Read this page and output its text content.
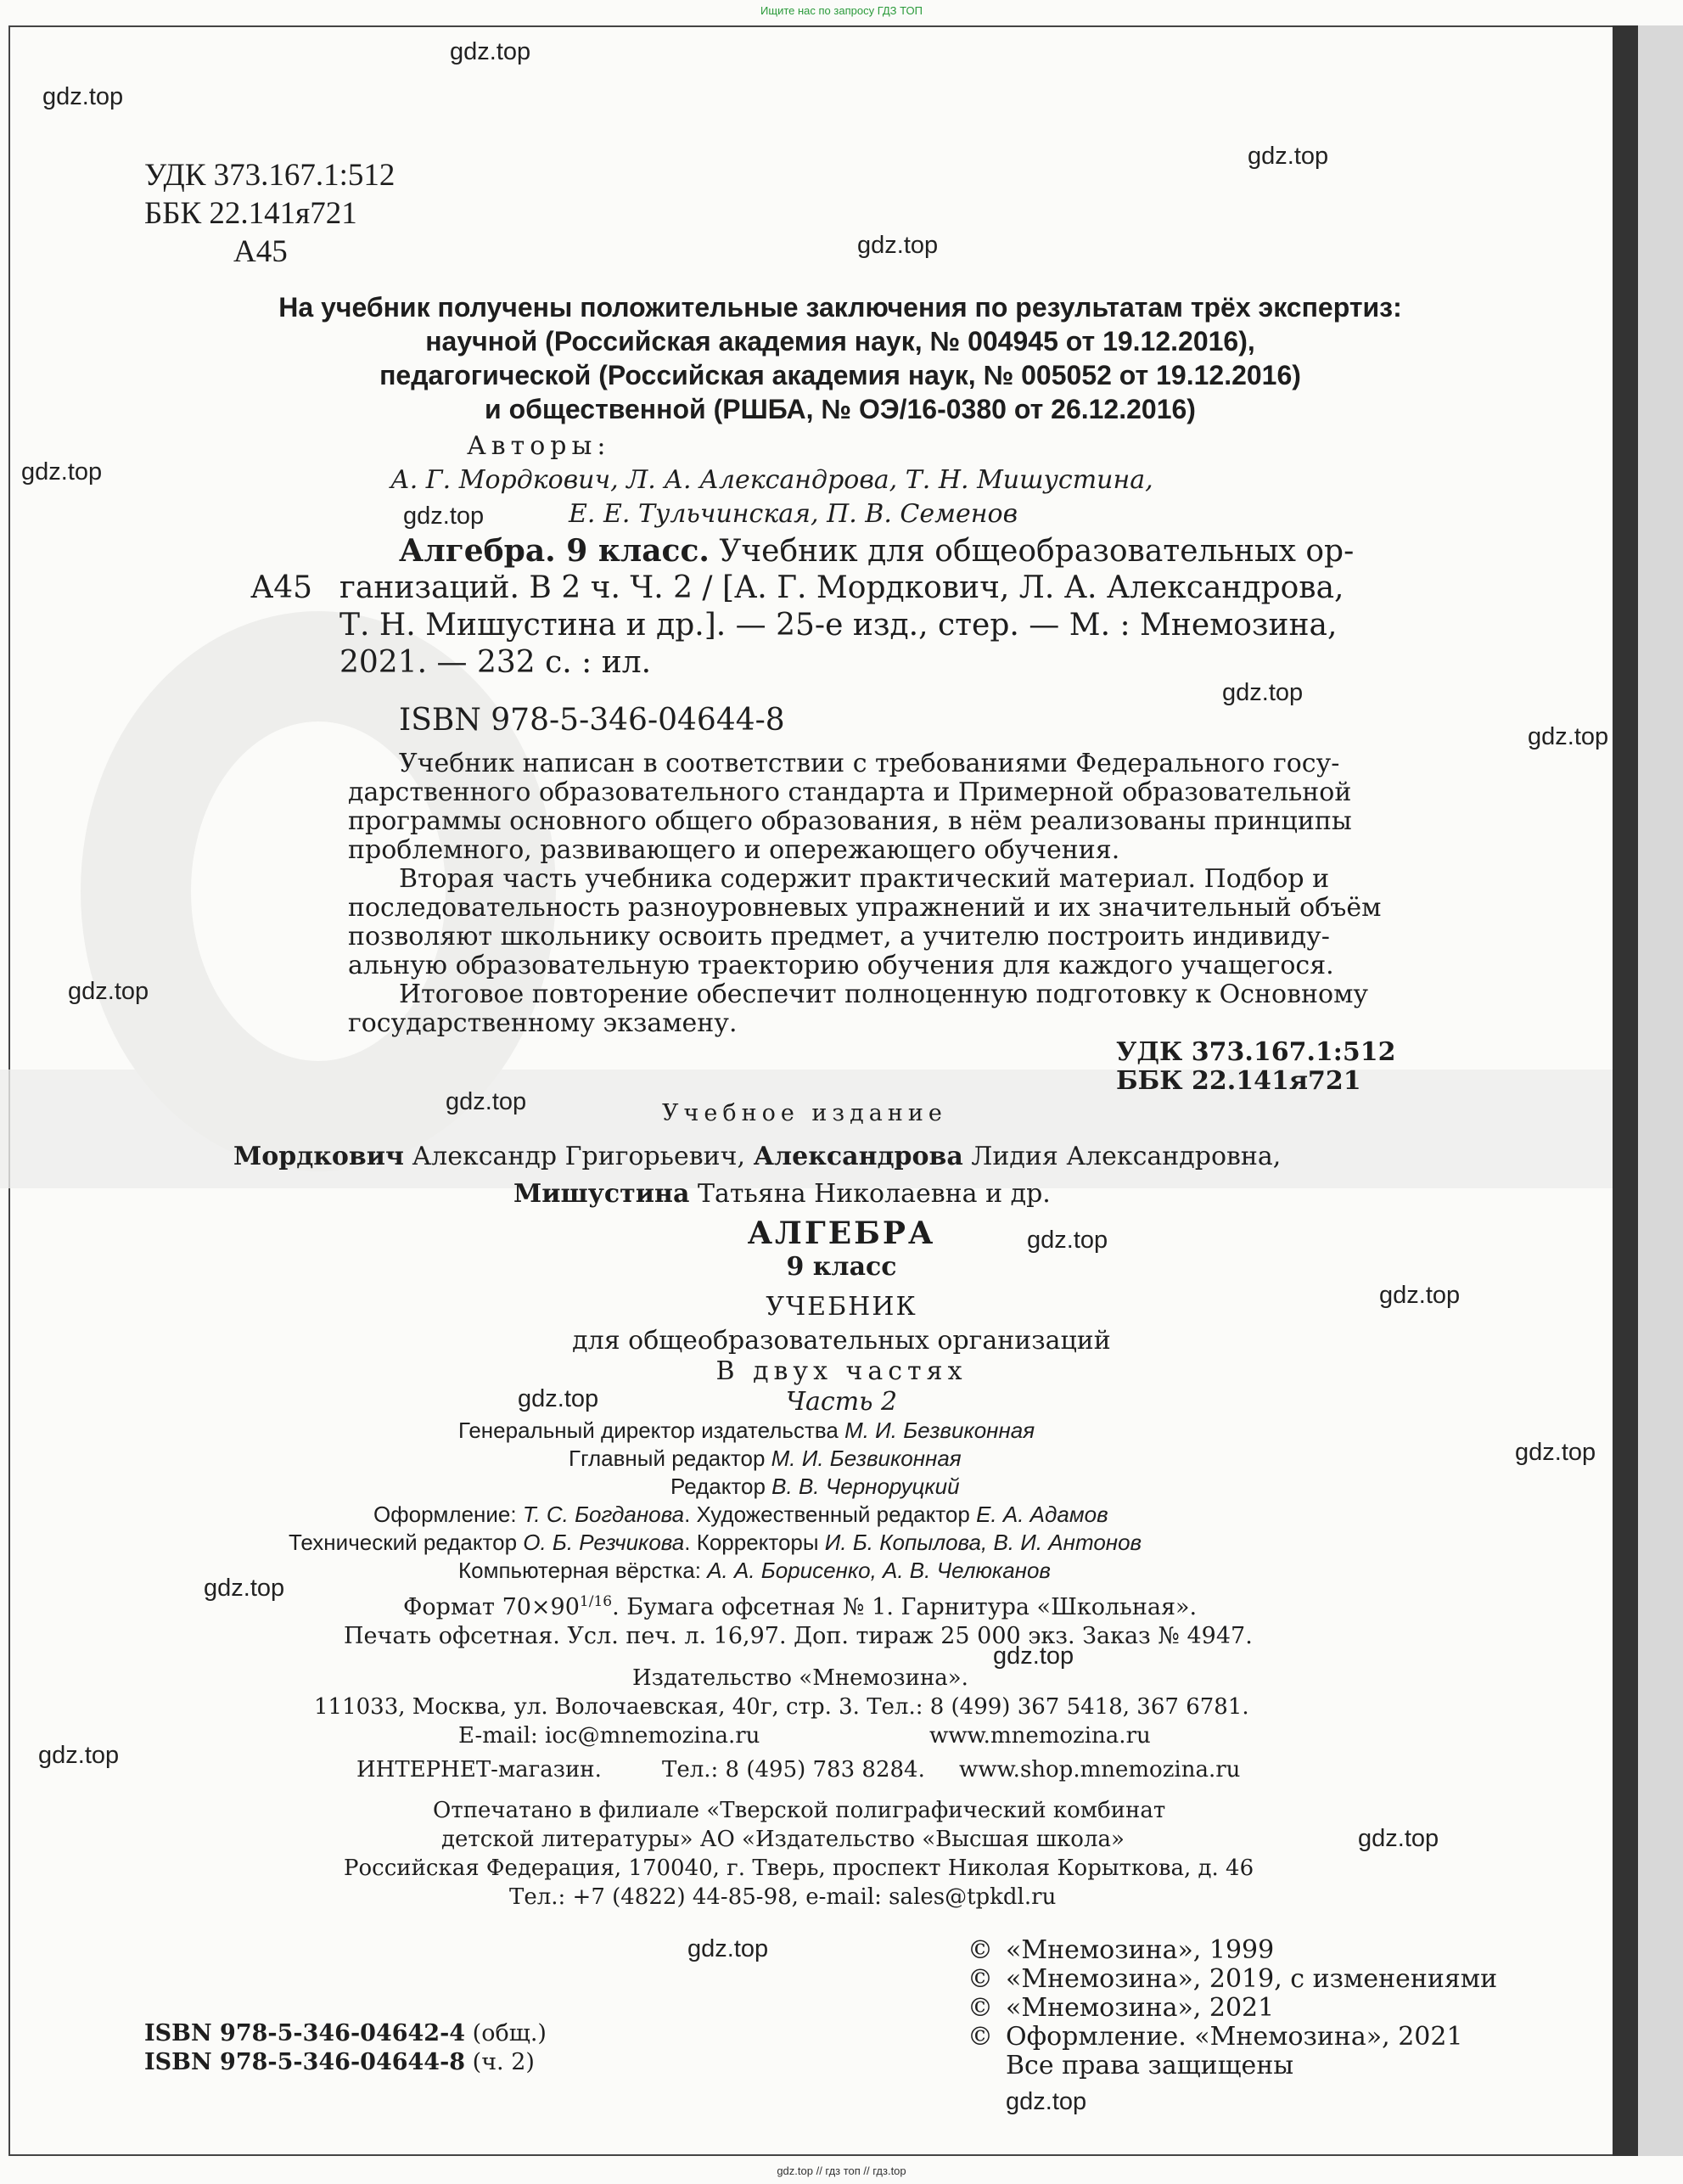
Ищите нас по запросу ГДЗ ТОП
УДК 373.167.1:512
ББК 22.141я721
А45
На учебник получены положительные заключения по результатам трёх экспертиз:
научной (Российская академия наук, № 004945 от 19.12.2016),
педагогической (Российская академия наук, № 005052 от 19.12.2016)
и общественной (РШБА, № ОЭ/16-0380 от 26.12.2016)
Авторы:
А. Г. Мордкович, Л. А. Александрова, Т. Н. Мишустина,
Е. Е. Тульчинская, П. В. Семенов
А45
Алгебра. 9 класс. Учебник для общеобразовательных ор-
ганизаций. В 2 ч. Ч. 2 / [А. Г. Мордкович, Л. А. Александрова,
Т. Н. Мишустина и др.]. — 25-е изд., стер. — М. : Мнемозина,
2021. — 232 с. : ил.
ISBN 978-5-346-04644-8
Учебник написан в соответствии с требованиями Федерального госу-
дарственного образовательного стандарта и Примерной образовательной
программы основного общего образования, в нём реализованы принципы
проблемного, развивающего и опережающего обучения.
Вторая часть учебника содержит практический материал. Подбор и
последовательность разноуровневых упражнений и их значительный объём
позволяют школьнику освоить предмет, а учителю построить индивиду-
альную образовательную траекторию обучения для каждого учащегося.
Итоговое повторение обеспечит полноценную подготовку к Основному
государственному экзамену.
УДК 373.167.1:512
ББК 22.141я721
Учебное издание
Мордкович Александр Григорьевич, Александрова Лидия Александровна,
Мишустина Татьяна Николаевна и др.
АЛГЕБРА
9 класс
УЧЕБНИК
для общеобразовательных организаций
В двух частях
Часть 2
Генеральный директор издательства М. И. Безвиконная
Гглавный редактор М. И. Безвиконная
Редактор В. В. Черноруцкий
Оформление: Т. С. Богданова. Художественный редактор Е. А. Адамов
Технический редактор О. Б. Резчикова. Корректоры И. Б. Копылова, В. И. Антонов
Компьютерная вёрстка: А. А. Борисенко, А. В. Челюканов
Формат $70\times 90^{1/16}$. Бумага офсетная № 1. Гарнитура «Школьная».
Печать офсетная. Усл. печ. л. 16,97. Доп. тираж 25 000 экз. Заказ № 4947.
Издательство «Мнемозина».
111033, Москва, ул. Волочаевская, 40г, стр. 3. Тел.: 8 (499) 367 5418, 367 6781.
E-mail: ioc@mnemozina.ru	www.mnemozina.ru
ИНТЕРНЕТ-магазин.	Тел.: 8 (495) 783 8284. www.shop.mnemozina.ru
Отпечатано в филиале «Тверской полиграфический комбинат
детской литературы» АО «Издательство «Высшая школа»
Российская Федерация, 170040, г. Тверь, проспект Николая Корыткова, д. 46
Тел.: +7 (4822) 44-85-98, e-mail: sales@tpkdl.ru
ISBN 978-5-346-04642-4 (общ.)
ISBN 978-5-346-04644-8 (ч. 2)
© «Мнемозина», 1999
© «Мнемозина», 2019, с изменениями
© «Мнемозина», 2021
© Оформление. «Мнемозина», 2021
Все права защищены
gdz.top
gdz.top
gdz.top
gdz.top
gdz.top
gdz.top
gdz.top
gdz.top
gdz.top
gdz.top
gdz.top
gdz.top
gdz.top
gdz.top
gdz.top
gdz.top
gdz.top
gdz.top
gdz.top
gdz.top
gdz.top // гдз топ // гдз.top
